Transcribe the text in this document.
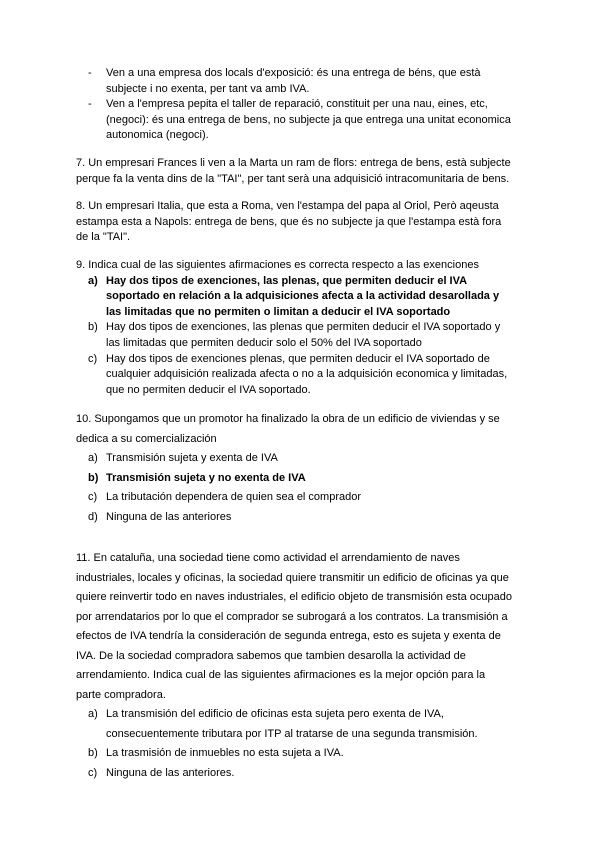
-	Ven a una empresa dos locals d'exposició: és una entrega de béns, que està subjecte i no exenta, per tant va amb IVA.
-	Ven a l'empresa pepita el taller de reparació, constituit per una nau, eines, etc, (negoci): és una entrega de bens, no subjecte ja que entrega una unitat economica autonomica (negoci).

7. Un empresari Frances li ven a la Marta un ram de flors: entrega de bens, està subjecte perque fa la venta dins de la "TAI", per tant serà una adquisició intracomunitaria de bens.

8. Un empresari Italia, que esta a Roma, ven l'estampa del papa al Oriol, Però aqeusta estampa esta a Napols: entrega de bens, que és no subjecte ja que l'estampa està fora de la "TAI".

9. Indica cual de las siguientes afirmaciones es correcta respecto a las exenciones

a) Hay dos tipos de exenciones, las plenas, que permiten deducir el IVA soportado en relación a la adquisiciones afecta a la actividad desarollada y las limitadas que no permiten o limitan a deducir el IVA soportado
b) Hay dos tipos de exenciones, las plenas que permiten deducir el IVA soportado y las limitadas que permiten deducir solo el 50% del IVA soportado
c) Hay dos tipos de exenciones plenas, que permiten deducir el IVA soportado de cualquier adquisición realizada afecta o no a la adquisición economica y limitadas, que no permiten deducir el IVA soportado.

10. Supongamos que un promotor ha finalizado la obra de un edificio de viviendas y se dedica a su comercialización

a) Transmisión sujeta y exenta de IVA
b) Transmisión sujeta y no exenta de IVA
c) La tributación dependera de quien sea el comprador
d) Ninguna de las anteriores

11. En cataluña, una sociedad tiene como actividad el arrendamiento de naves industriales, locales y oficinas, la sociedad quiere transmitir un edificio de oficinas ya que quiere reinvertir todo en naves industriales, el edificio objeto de transmisión esta ocupado por arrendatarios por lo que el comprador se subrogará a los contratos. La transmisión a efectos de IVA tendría la consideración de segunda entrega, esto es sujeta y exenta de IVA. De la sociedad compradora sabemos que tambien desarolla la actividad de arrendamiento. Indica cual de las siguientes afirmaciones es la mejor opción para la parte compradora.

a) La transmisión del edificio de oficinas esta sujeta pero exenta de IVA, consecuentemente tributara por ITP al tratarse de una segunda transmisión.
b) La trasmisión de inmuebles no esta sujeta a IVA.
c) Ninguna de las anteriores.
